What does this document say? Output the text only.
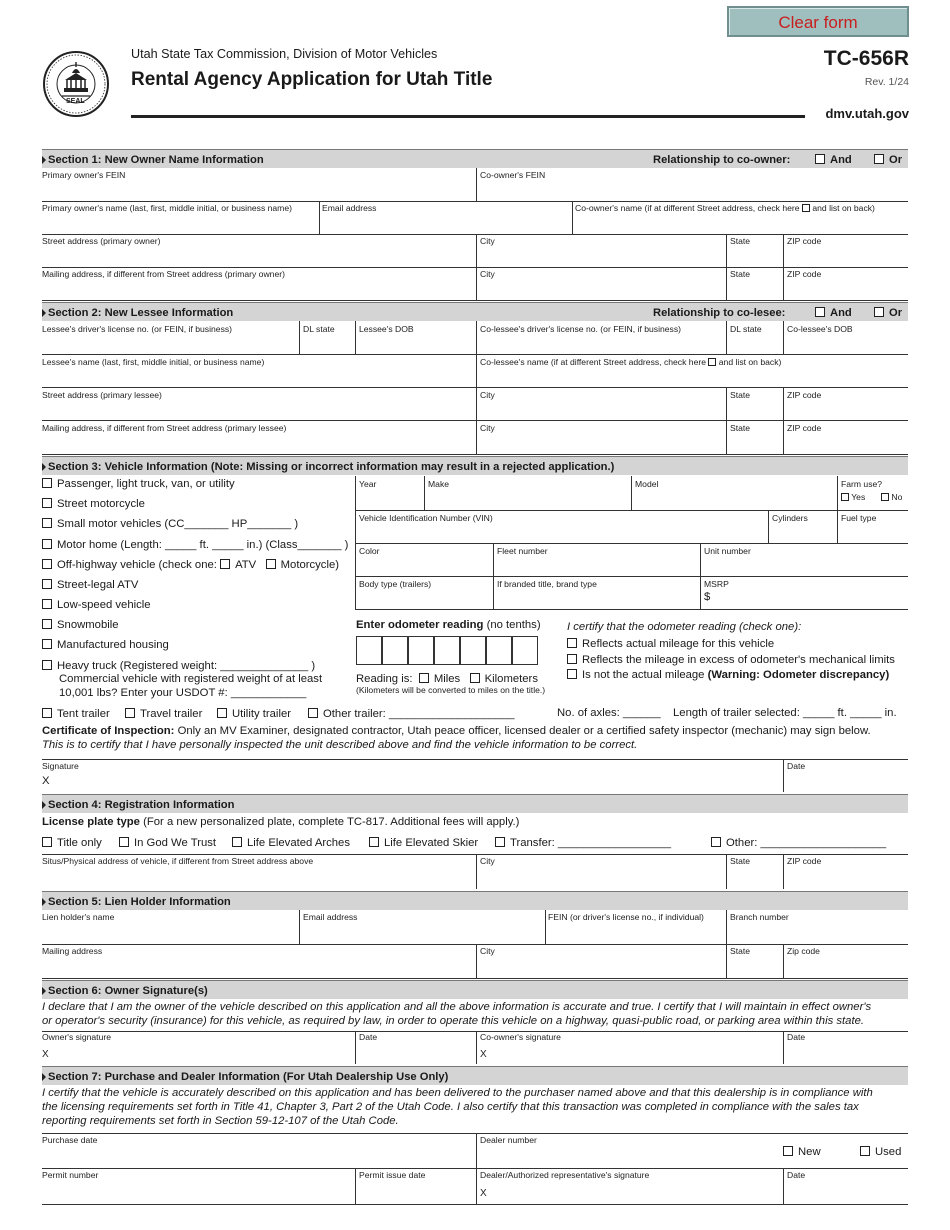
Clear form
SEAL
Utah State Tax Commission, Division of Motor Vehicles
Rental Agency Application for Utah Title
TC-656R
Rev. 1/24
dmv.utah.gov
Section 1: New Owner Name Information	Relationship to co-owner:	And	Or
Primary owner's FEIN	Co-owner's FEIN
Primary owner's name (last, first, middle initial, or business name)	Email address	Co-owner's name (if at different Street address, check here and list on back)
Street address (primary owner)	City	State	ZIP code
Mailing address, if different from Street address (primary owner)	City	State	ZIP code
Section 2: New Lessee Information	Relationship to co-lesee:	And	Or
Lessee's driver's license no. (or FEIN, if business)	DL state	Lessee's DOB	Co-lessee's driver's license no. (or FEIN, if business)	DL state	Co-lessee's DOB
Lessee's name (last, first, middle initial, or business name)	Co-lessee's name (if at different Street address, check here and list on back)
Street address (primary lessee)	City	State	ZIP code
Mailing address, if different from Street address (primary lessee)	City	State	ZIP code
Section 3: Vehicle Information (Note: Missing or incorrect information may result in a rejected application.)
Passenger, light truck, van, or utility
Street motorcycle
Small motor vehicles (CC_______ HP_______ )
Motor home (Length: _____ ft. _____ in.) (Class_______ )
Off-highway vehicle (check one: ATV Motorcycle)
Street-legal ATV
Low-speed vehicle
Snowmobile
Manufactured housing
Heavy truck (Registered weight: ______________ )
Commercial vehicle with registered weight of at least
10,001 lbs? Enter your USDOT #: ____________
Year	Make	Model	Farm use?
Yes	No
Vehicle Identification Number (VIN)	Cylinders	Fuel type
Color	Fleet number	Unit number
Body type (trailers)	If branded title, brand type	MSRP
$
Enter odometer reading (no tenths)
Reading is: Miles Kilometers
(Kilometers will be converted to miles on the title.)
I certify that the odometer reading (check one):
Reflects actual mileage for this vehicle
Reflects the mileage in excess of odometer's mechanical limits
Is not the actual mileage (Warning: Odometer discrepancy)
Tent trailer	Travel trailer	Utility trailer	Other trailer: ____________________	No. of axles: ______ Length of trailer selected: _____ ft. _____ in.
Certificate of Inspection: Only an MV Examiner, designated contractor, Utah peace officer, licensed dealer or a certified safety inspector (mechanic) may sign below.
This is to certify that I have personally inspected the unit described above and find the vehicle information to be correct.
Signature
X
Date
Section 4: Registration Information
License plate type (For a new personalized plate, complete TC-817. Additional fees will apply.)
Title only	In God We Trust	Life Elevated Arches	Life Elevated Skier	Transfer: __________________	Other: ____________________
Situs/Physical address of vehicle, if different from Street address above	City	State	ZIP code
Section 5: Lien Holder Information
Lien holder's name	Email address	FEIN (or driver's license no., if individual)	Branch number
Mailing address	City	State	Zip code
Section 6: Owner Signature(s)
I declare that I am the owner of the vehicle described on this application and all the above information is accurate and true. I certify that I will maintain in effect owner's
or operator's security (insurance) for this vehicle, as required by law, in order to operate this vehicle on a highway, quasi-public road, or parking area within this state.
Owner's signature	Date	Co-owner's signature	Date
X	X
Section 7: Purchase and Dealer Information (For Utah Dealership Use Only)
I certify that the vehicle is accurately described on this application and has been delivered to the purchaser named above and that this dealership is in compliance with
the licensing requirements set forth in Title 41, Chapter 3, Part 2 of the Utah Code. I also certify that this transaction was completed in compliance with the sales tax
reporting requirements set forth in Section 59-12-107 of the Utah Code.
Purchase date	Dealer number
New	Used
Permit number	Permit issue date	Dealer/Authorized representative's signature	Date
X
